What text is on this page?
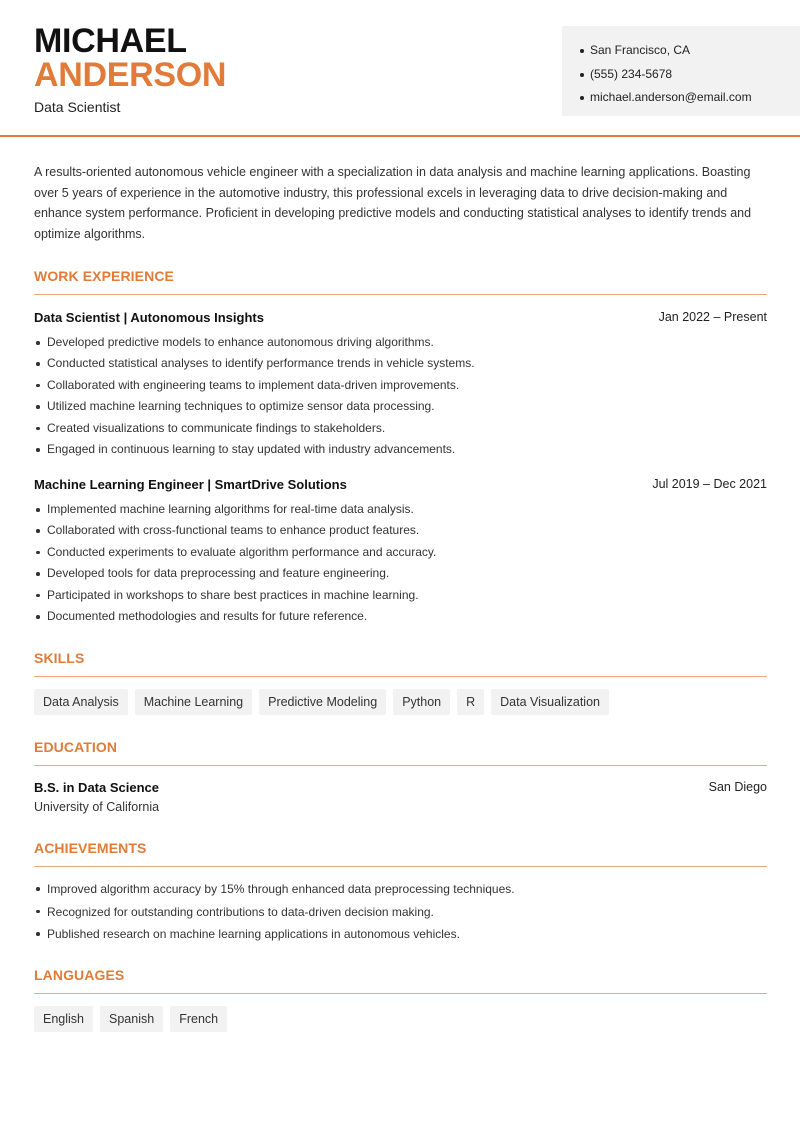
MICHAEL
ANDERSON
Data Scientist
San Francisco, CA
(555) 234-5678
michael.anderson@email.com

A results-oriented autonomous vehicle engineer with a specialization in data analysis and machine learning applications. Boasting over 5 years of experience in the automotive industry, this professional excels in leveraging data to drive decision-making and enhance system performance. Proficient in developing predictive models and conducting statistical analyses to identify trends and optimize algorithms.

WORK EXPERIENCE
Data Scientist | Autonomous Insights	Jan 2022 – Present
Developed predictive models to enhance autonomous driving algorithms.
Conducted statistical analyses to identify performance trends in vehicle systems.
Collaborated with engineering teams to implement data-driven improvements.
Utilized machine learning techniques to optimize sensor data processing.
Created visualizations to communicate findings to stakeholders.
Engaged in continuous learning to stay updated with industry advancements.
Machine Learning Engineer | SmartDrive Solutions	Jul 2019 – Dec 2021
Implemented machine learning algorithms for real-time data analysis.
Collaborated with cross-functional teams to enhance product features.
Conducted experiments to evaluate algorithm performance and accuracy.
Developed tools for data preprocessing and feature engineering.
Participated in workshops to share best practices in machine learning.
Documented methodologies and results for future reference.
SKILLS
Data Analysis	Machine Learning	Predictive Modeling	Python	R	Data Visualization
EDUCATION
B.S. in Data Science	San Diego
University of California
ACHIEVEMENTS
Improved algorithm accuracy by 15% through enhanced data preprocessing techniques.
Recognized for outstanding contributions to data-driven decision making.
Published research on machine learning applications in autonomous vehicles.
LANGUAGES
English	Spanish	French
